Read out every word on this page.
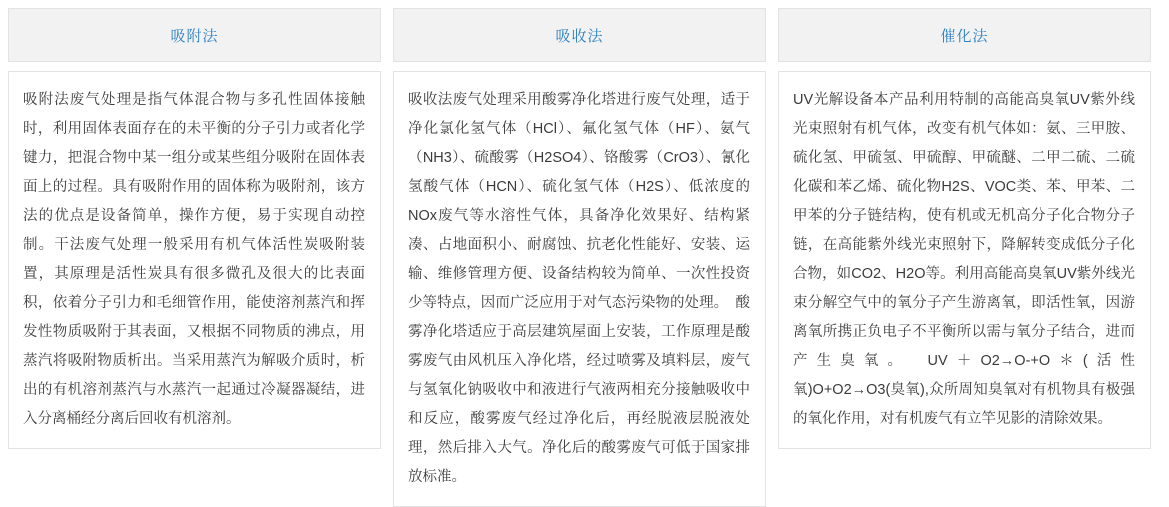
吸附法

吸附法废气处理是指气体混合物与多孔性固体接触时，利用固体表面存在的未平衡的分子引力或者化学键力，把混合物中某一组分或某些组分吸附在固体表面上的过程。具有吸附作用的固体称为吸附剂，该方法的优点是设备简单，操作方便，易于实现自动控制。干法废气处理一般采用有机气体活性炭吸附装置，其原理是活性炭具有很多微孔及很大的比表面积，依着分子引力和毛细管作用，能使溶剂蒸汽和挥发性物质吸附于其表面，又根据不同物质的沸点，用蒸汽将吸附物质析出。当采用蒸汽为解吸介质时，析出的有机溶剂蒸汽与水蒸汽一起通过冷凝器凝结，进入分离桶经分离后回收有机溶剂。

吸收法

吸收法废气处理采用酸雾净化塔进行废气处理，适于净化氯化氢气体（HCl）、氟化氢气体（HF）、氨气（NH3）、硫酸雾（H2SO4）、铬酸雾（CrO3）、氰化氢酸气体（HCN）、硫化氢气体（H2S）、低浓度的NOx废气等水溶性气体，具备净化效果好、结构紧凑、占地面积小、耐腐蚀、抗老化性能好、安装、运输、维修管理方便、设备结构较为简单、一次性投资少等特点，因而广泛应用于对气态污染物的处理。　酸雾净化塔适应于高层建筑屋面上安装，工作原理是酸雾废气由风机压入净化塔，经过喷雾及填料层，废气与氢氧化钠吸收中和液进行气液两相充分接触吸收中和反应，酸雾废气经过净化后，再经脱液层脱液处理，然后排入大气。净化后的酸雾废气可低于国家排放标准。

催化法

UV光解设备本产品利用特制的高能高臭氧UV紫外线光束照射有机气体，改变有机气体如：氨、三甲胺、硫化氢、甲硫氢、甲硫醇、甲硫醚、二甲二硫、二硫化碳和苯乙烯、硫化物H2S、VOC类、苯、甲苯、二甲苯的分子链结构，使有机或无机高分子化合物分子链，在高能紫外线光束照射下，降解转变成低分子化合物，如CO2、H2O等。利用高能高臭氧UV紫外线光束分解空气中的氧分子产生游离氧，即活性氧，因游离氧所携正负电子不平衡所以需与氧分子结合，进而产生臭氧。　UV＋O2→O-+O＊(活性氧)O+O2→O3(臭氧),众所周知臭氧对有机物具有极强的氧化作用，对有机废气有立竿见影的清除效果。
